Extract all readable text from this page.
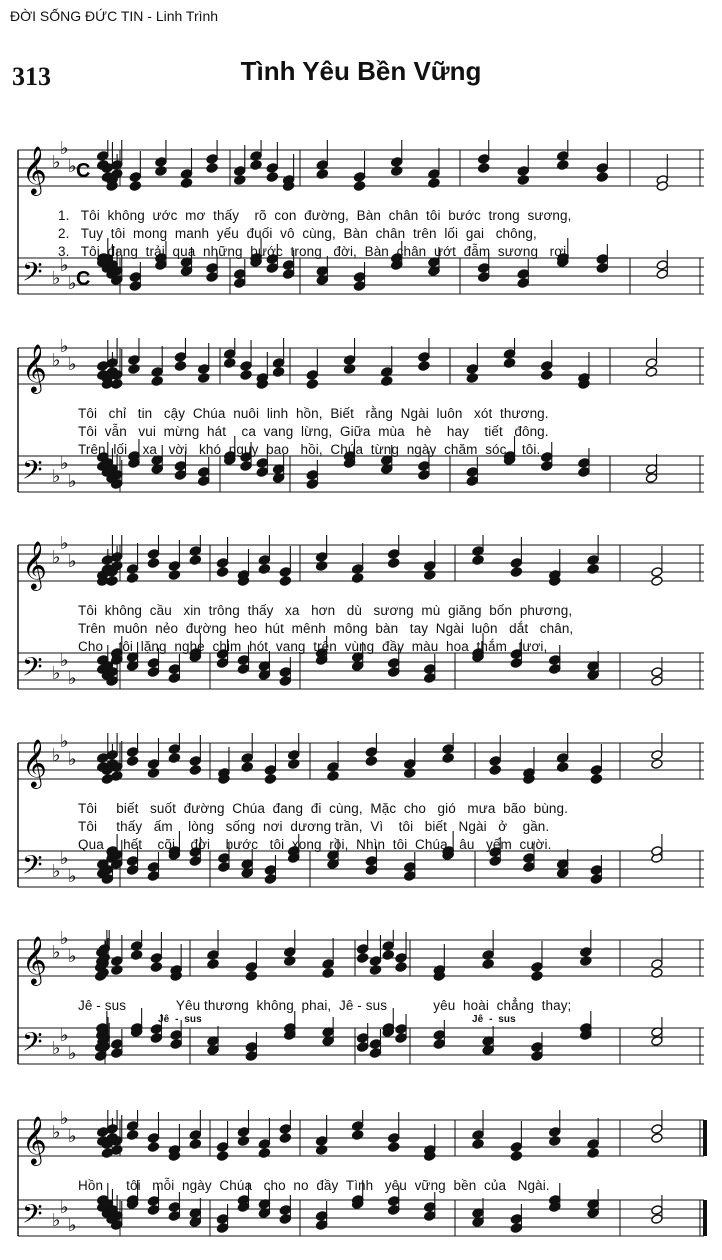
ĐỜI SỐNG ĐỨC TIN - Linh Trình
313	Tình Yêu Bền Vững
𝄞
𝄢
♭
♭
♭
♭
♭
♭
C
C
1.   Tôi  không  ước  mơ  thấy    rõ  con  đường,  Bàn  chân  tôi  bước  trong  sương,
2.   Tuy  tôi  mong  manh  yếu  đuối  vô  cùng,  Bàn  chân  trên  lối  gai   chông,
3.   Tôi  đang  trải  qua  những  bước  trong   đời,  Bàn  chân  ướt  đẫm  sương   rơi,
𝄞
𝄢
♭
♭
♭
♭
♭
♭
Tôi   chỉ   tin   cậy  Chúa  nuôi  linh  hồn,  Biết   rằng  Ngài  luôn   xót  thương.
Tôi  vẫn   vui  mừng  hát    ca  vang  lừng,  Giữa  mùa   hè    hay    tiết   đông.
Trên  lối    xa   vời   khó  nguy  bao   hồi,  Chúa  từng  ngày  chăm  sóc    tôi.
𝄞
𝄢
♭
♭
♭
♭
♭
♭
Tôi  không  cầu   xin  trông  thấy   xa   hơn   dù   sương  mù  giăng  bốn  phương,
Trên  muôn  nẻo  đường  heo  hút  mênh  mông  bàn   tay  Ngài  luôn   dắt   chân,
Cho    tôi  lặng  nghe  chim  hót  vang  trên  vùng  đầy  màu  hoa  thắm   tươi,
𝄞
𝄢
♭
♭
♭
♭
♭
♭
Tôi     biết   suốt  đường  Chúa  đang  đi  cùng,  Mặc  cho   gió   mưa  bão  bùng.
Tôi     thấy   ấm    lòng   sống  nơi  dương trần,  Vì    tôi   biết   Ngài   ở    gần.
Qua     hết    cõi    đời    bước   tôi  xong  rồi,  Nhìn  tôi  Chúa   âu   yếm  cười.
𝄞
𝄢
♭
♭
♭
♭
♭
♭
Jê - sus             Yêu thương  không  phai,  Jê - sus            yêu  hoài  chẳng  thay;
Jê  -  sus	Jê  -  sus
𝄞
𝄢
♭
♭
♭
♭
♭
♭
Hồn      tôi   mỗi  ngày  Chúa   cho  no  đầy  Tình   yêu  vững  bền  của   Ngài.
